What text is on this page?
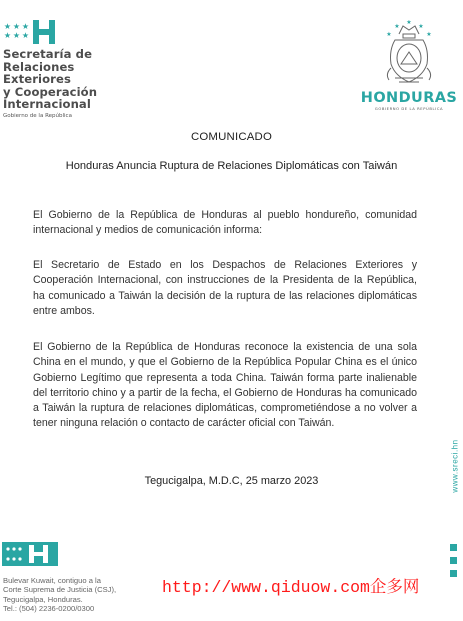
★ ★ ★
★ ★ ★
Secretaría de
Relaciones
Exteriores
y Cooperación
Internacional
Gobierno de la República
★	★
★	★
★
HONDURAS
GOBIERNO DE LA REPÚBLICA
COMUNICADO
Honduras Anuncia Ruptura de Relaciones Diplomáticas con Taiwán
El Gobierno de la República de Honduras al pueblo hondureño, comunidad internacional y medios de comunicación informa:
El Secretario de Estado en los Despachos de Relaciones Exteriores y Cooperación Internacional, con instrucciones de la Presidenta de la República, ha comunicado a Taiwán la decisión de la ruptura de las relaciones diplomáticas entre ambos.
El Gobierno de la República de Honduras reconoce la existencia de una sola China en el mundo, y que el Gobierno de la República Popular China es el único Gobierno Legítimo que representa a toda China. Taiwán forma parte inalienable del territorio chino y a partir de la fecha, el Gobierno de Honduras ha comunicado a Taiwán la ruptura de relaciones diplomáticas, comprometiéndose a no volver a tener ninguna relación o contacto de carácter oficial con Taiwán.
Tegucigalpa, M.D.C, 25 marzo 2023
Bulevar Kuwait, contiguo a la
Corte Suprema de Justicia (CSJ),
Tegucigalpa, Honduras.
Tel.: (504) 2236-0200/0300
www.sreci.hn
http://www.qiduow.com企多网
